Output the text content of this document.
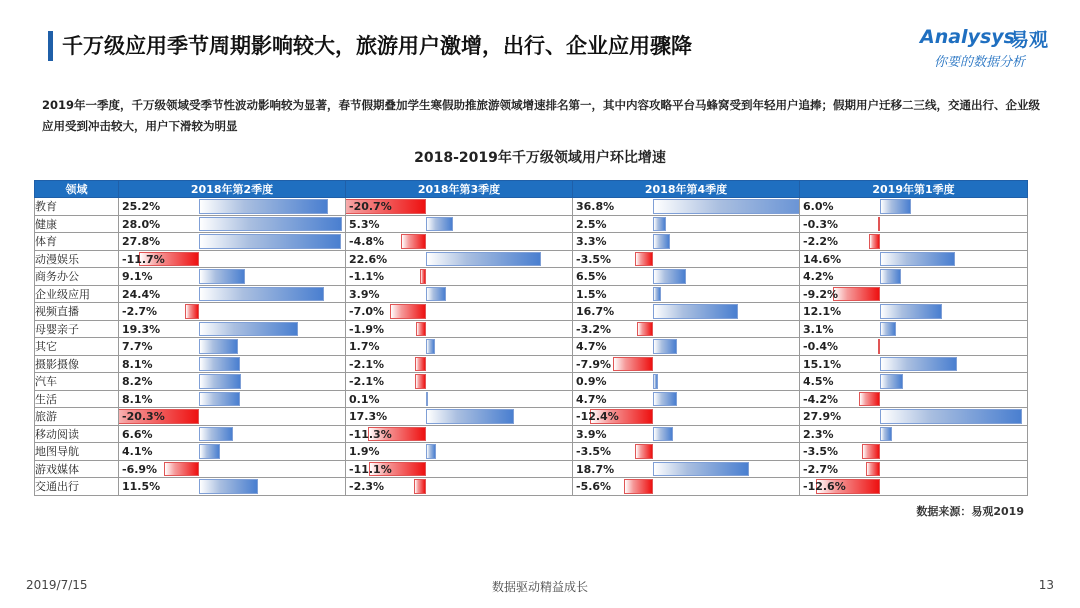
千万级应用季节周期影响较大，旅游用户激增，出行、企业应用骤降	Analysys
易观
你要的数据分析
2019年一季度，千万级领域受季节性波动影响较为显著，春节假期叠加学生寒假助推旅游领域增速排名第一，其中内容攻略平台马蜂窝受到年轻用户追捧；假期用户迁移二三线，交通出行、企业级应用受到冲击较大，用户下滑较为明显
2018-2019年千万级领域用户环比增速
领域	2018年第2季度	2018年第3季度	2018年第4季度	2019年第1季度
教育	25.2%	-20.7%	36.8%	6.0%

健康	28.0%	5.3%	2.5%	-0.3%

体育	27.8%	-4.8%	3.3%	-2.2%

动漫娱乐	-11.7%	22.6%	-3.5%	14.6%

商务办公	9.1%	-1.1%	6.5%	4.2%

企业级应用	24.4%	3.9%	1.5%	-9.2%

视频直播	-2.7%	-7.0%	16.7%	12.1%

母婴亲子	19.3%	-1.9%	-3.2%	3.1%

其它	7.7%	1.7%	4.7%	-0.4%

摄影摄像	8.1%	-2.1%	-7.9%	15.1%

汽车	8.2%	-2.1%	0.9%	4.5%

生活	8.1%	0.1%	4.7%	-4.2%

旅游	-20.3%	17.3%	-12.4%	27.9%

移动阅读	6.6%	-11.3%	3.9%	2.3%

地图导航	4.1%	1.9%	-3.5%	-3.5%

游戏媒体	-6.9%	-11.1%	18.7%	-2.7%

交通出行	11.5%	-2.3%	-5.6%	-12.6%
数据来源：易观2019
2019/7/15	数据驱动精益成长	13
